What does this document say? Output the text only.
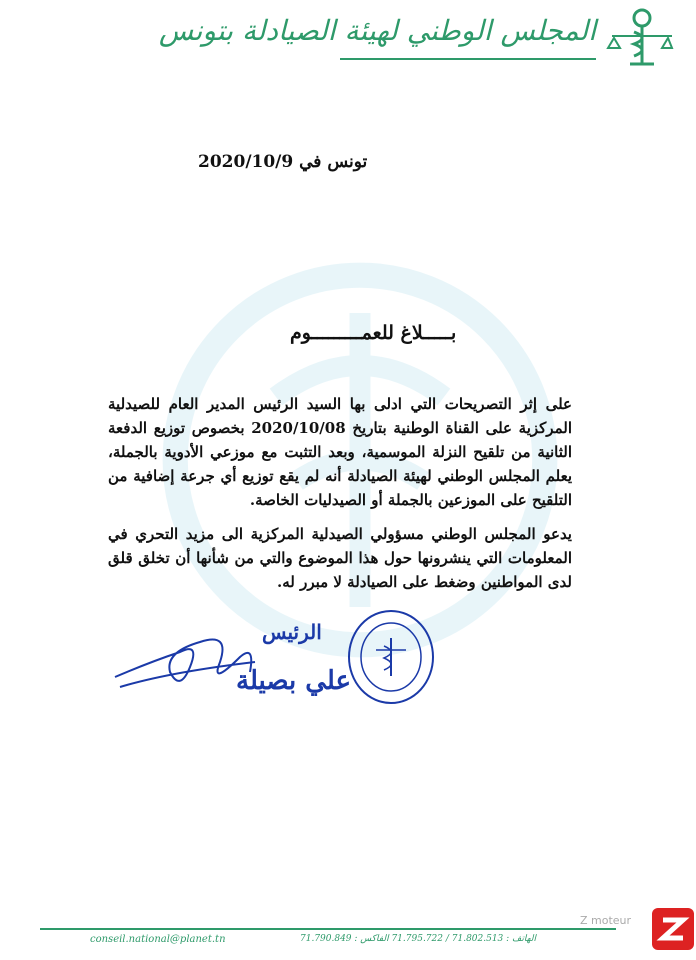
المجلس الوطني لهيئة الصيادلة بتونس
تونس في 2020/10/9
بـــــلاغ للعمـــــــــوم
على إثر التصريحات التي ادلى بها السيد الرئيس المدير العام للصيدلية المركزية على القناة الوطنية بتاريخ 2020/10/08 بخصوص توزيع الدفعة الثانية من تلقيح النزلة الموسمية، وبعد التثبت مع موزعي الأدوية بالجملة، يعلم المجلس الوطني لهيئة الصيادلة أنه لم يقع توزيع أي جرعة إضافية من التلقيح على الموزعين بالجملة أو الصيدليات الخاصة.
يدعو المجلس الوطني مسؤولي الصيدلية المركزية الى مزيد التحري في المعلومات التي ينشرونها حول هذا الموضوع والتي من شأنها أن تخلق قلق لدى المواطنين وضغط على الصيادلة لا مبرر له.
الرئيس
علي بصيلة
الهاتف : 71.802.513 / 71.795.722 الفاكس : 71.790.849
conseil.national@planet.tn
Z moteur
